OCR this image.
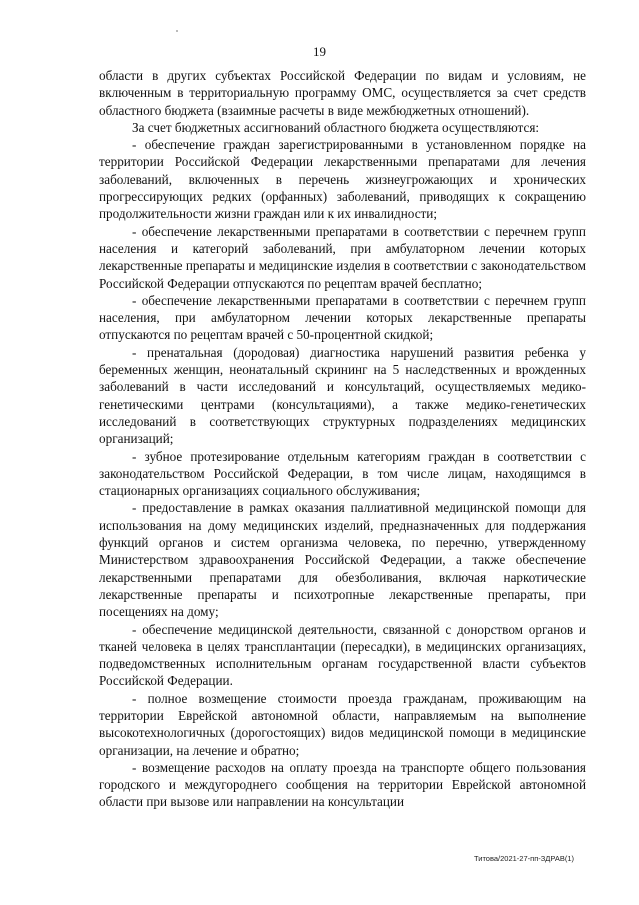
19

области в других субъектах Российской Федерации по видам и условиям, не включенным в территориальную программу ОМС, осуществляется за счет средств областного бюджета (взаимные расчеты в виде межбюджетных отношений).

За счет бюджетных ассигнований областного бюджета осуществляются:

- обеспечение граждан зарегистрированными в установленном порядке на территории Российской Федерации лекарственными препаратами для лечения заболеваний, включенных в перечень жизнеугрожающих и хронических прогрессирующих редких (орфанных) заболеваний, приводящих к сокращению продолжительности жизни граждан или к их инвалидности;

- обеспечение лекарственными препаратами в соответствии с перечнем групп населения и категорий заболеваний, при амбулаторном лечении которых лекарственные препараты и медицинские изделия в соответствии с законодательством Российской Федерации отпускаются по рецептам врачей бесплатно;

- обеспечение лекарственными препаратами в соответствии с перечнем групп населения, при амбулаторном лечении которых лекарственные препараты отпускаются по рецептам врачей с 50-процентной скидкой;

- пренатальная (дородовая) диагностика нарушений развития ребенка у беременных женщин, неонатальный скрининг на 5 наследственных и врожденных заболеваний в части исследований и консультаций, осуществляемых медико-генетическими центрами (консультациями), а также медико-генетических исследований в соответствующих структурных подразделениях медицинских организаций;

- зубное протезирование отдельным категориям граждан в соответствии с законодательством Российской Федерации, в том числе лицам, находящимся в стационарных организациях социального обслуживания;

- предоставление в рамках оказания паллиативной медицинской помощи для использования на дому медицинских изделий, предназначенных для поддержания функций органов и систем организма человека, по перечню, утвержденному Министерством здравоохранения Российской Федерации, а также обеспечение лекарственными препаратами для обезболивания, включая наркотические лекарственные препараты и психотропные лекарственные препараты, при посещениях на дому;

- обеспечение медицинской деятельности, связанной с донорством органов и тканей человека в целях трансплантации (пересадки), в медицинских организациях, подведомственных исполнительным органам государственной власти субъектов Российской Федерации.

- полное возмещение стоимости проезда гражданам, проживающим на территории Еврейской автономной области, направляемым на выполнение высокотехнологичных (дорогостоящих) видов медицинской помощи в медицинские организации, на лечение и обратно;

- возмещение расходов на оплату проезда на транспорте общего пользования городского и междугороднего сообщения на территории Еврейской автономной области при вызове или направлении на консультации

Титова/2021-27-пп-ЗДРАВ(1)
